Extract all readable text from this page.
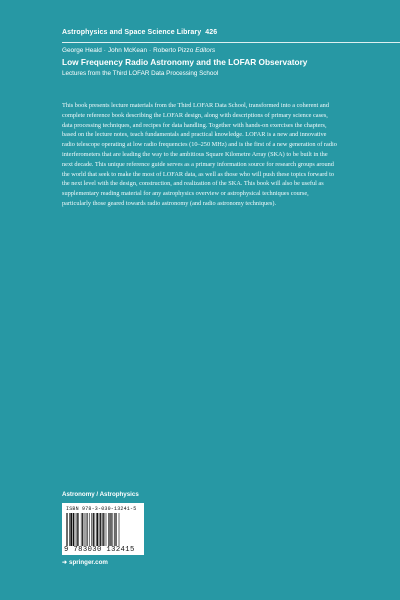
Astrophysics and Space Science Library 426
George Heald · John McKean · Roberto Pizzo Editors
Low Frequency Radio Astronomy and the LOFAR Observatory
Lectures from the Third LOFAR Data Processing School

This book presents lecture materials from the Third LOFAR Data School, transformed into a coherent and complete reference book describing the LOFAR design, along with descriptions of primary science cases, data processing techniques, and recipes for data handling. Together with hands-on exercises the chapters, based on the lecture notes, teach fundamentals and practical knowledge. LOFAR is a new and innovative radio telescope operating at low radio frequencies (10–250 MHz) and is the first of a new generation of radio interferometers that are leading the way to the ambitious Square Kilometre Array (SKA) to be built in the next decade. This unique reference guide serves as a primary information source for research groups around the world that seek to make the most of LOFAR data, as well as those who will push these topics forward to the next level with the design, construction, and realization of the SKA. This book will also be useful as supplementary reading material for any astrophysics overview or astrophysical techniques course, particularly those geared towards radio astronomy (and radio astronomy techniques).

Astronomy / Astrophysics
ISBN 978-3-030-13241-5
9 783030 132415
➜ springer.com
